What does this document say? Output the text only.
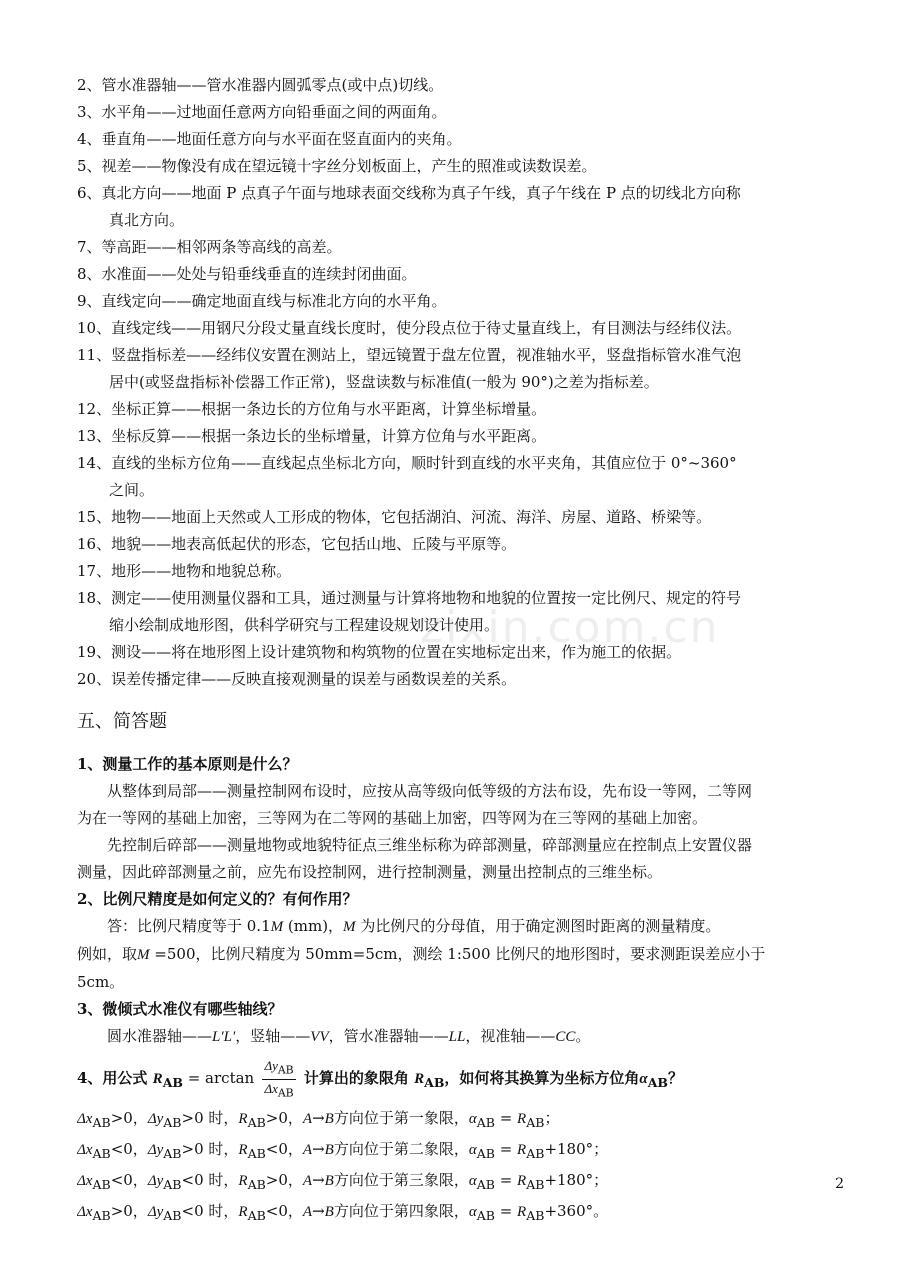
zixin.com.cn
2、管水准器轴——管水准器内圆弧零点(或中点)切线。
3、水平角——过地面任意两方向铅垂面之间的两面角。
4、垂直角——地面任意方向与水平面在竖直面内的夹角。
5、视差——物像没有成在望远镜十字丝分划板面上，产生的照准或读数误差。
6、真北方向——地面 P 点真子午面与地球表面交线称为真子午线，真子午线在 P 点的切线北方向称
真北方向。
7、等高距——相邻两条等高线的高差。
8、水准面——处处与铅垂线垂直的连续封闭曲面。
9、直线定向——确定地面直线与标准北方向的水平角。
10、直线定线——用钢尺分段丈量直线长度时，使分段点位于待丈量直线上，有目测法与经纬仪法。
11、竖盘指标差——经纬仪安置在测站上，望远镜置于盘左位置，视准轴水平，竖盘指标管水准气泡
居中(或竖盘指标补偿器工作正常)，竖盘读数与标准值(一般为 90°)之差为指标差。
12、坐标正算——根据一条边长的方位角与水平距离，计算坐标增量。
13、坐标反算——根据一条边长的坐标增量，计算方位角与水平距离。
14、直线的坐标方位角——直线起点坐标北方向，顺时针到直线的水平夹角，其值应位于 0°~360°
之间。
15、地物——地面上天然或人工形成的物体，它包括湖泊、河流、海洋、房屋、道路、桥梁等。
16、地貌——地表高低起伏的形态，它包括山地、丘陵与平原等。
17、地形——地物和地貌总称。
18、测定——使用测量仪器和工具，通过测量与计算将地物和地貌的位置按一定比例尺、规定的符号
缩小绘制成地形图，供科学研究与工程建设规划设计使用。
19、测设——将在地形图上设计建筑物和构筑物的位置在实地标定出来，作为施工的依据。
20、误差传播定律——反映直接观测量的误差与函数误差的关系。
五、简答题
1、测量工作的基本原则是什么？
从整体到局部——测量控制网布设时，应按从高等级向低等级的方法布设，先布设一等网，二等网
为在一等网的基础上加密，三等网为在二等网的基础上加密，四等网为在三等网的基础上加密。
先控制后碎部——测量地物或地貌特征点三维坐标称为碎部测量，碎部测量应在控制点上安置仪器
测量，因此碎部测量之前，应先布设控制网，进行控制测量，测量出控制点的三维坐标。
2、比例尺精度是如何定义的？有何作用？
答：比例尺精度等于 0.1M (mm)，M 为比例尺的分母值，用于确定测图时距离的测量精度。
例如，取M =500，比例尺精度为 50mm=5cm，测绘 1:500 比例尺的地形图时，要求测距误差应小于
5cm。
3、微倾式水准仪有哪些轴线？
圆水准器轴——L′L′，竖轴——VV，管水准器轴——LL，视准轴——CC。
4、用公式 $R_{AB} = \arctan \frac{\Delta y_{AB}}{\Delta x_{AB}}$ 计算出的象限角 $R_{AB}$，如何将其换算为坐标方位角$\alpha_{AB}$？
$\Delta x_{AB}>0$，$\Delta y_{AB}>0$ 时，$R_{AB}>0$，A→B方向位于第一象限，$\alpha_{AB} = R_{AB}$；
$\Delta x_{AB}<0$，$\Delta y_{AB}>0$ 时，$R_{AB}<0$，A→B方向位于第二象限，$\alpha_{AB} = R_{AB}+180^\circ$；
$\Delta x_{AB}<0$，$\Delta y_{AB}<0$ 时，$R_{AB}>0$，A→B方向位于第三象限，$\alpha_{AB} = R_{AB}+180^\circ$；
$\Delta x_{AB}>0$，$\Delta y_{AB}<0$ 时，$R_{AB}<0$，A→B方向位于第四象限，$\alpha_{AB} = R_{AB}+360^\circ$。
2
